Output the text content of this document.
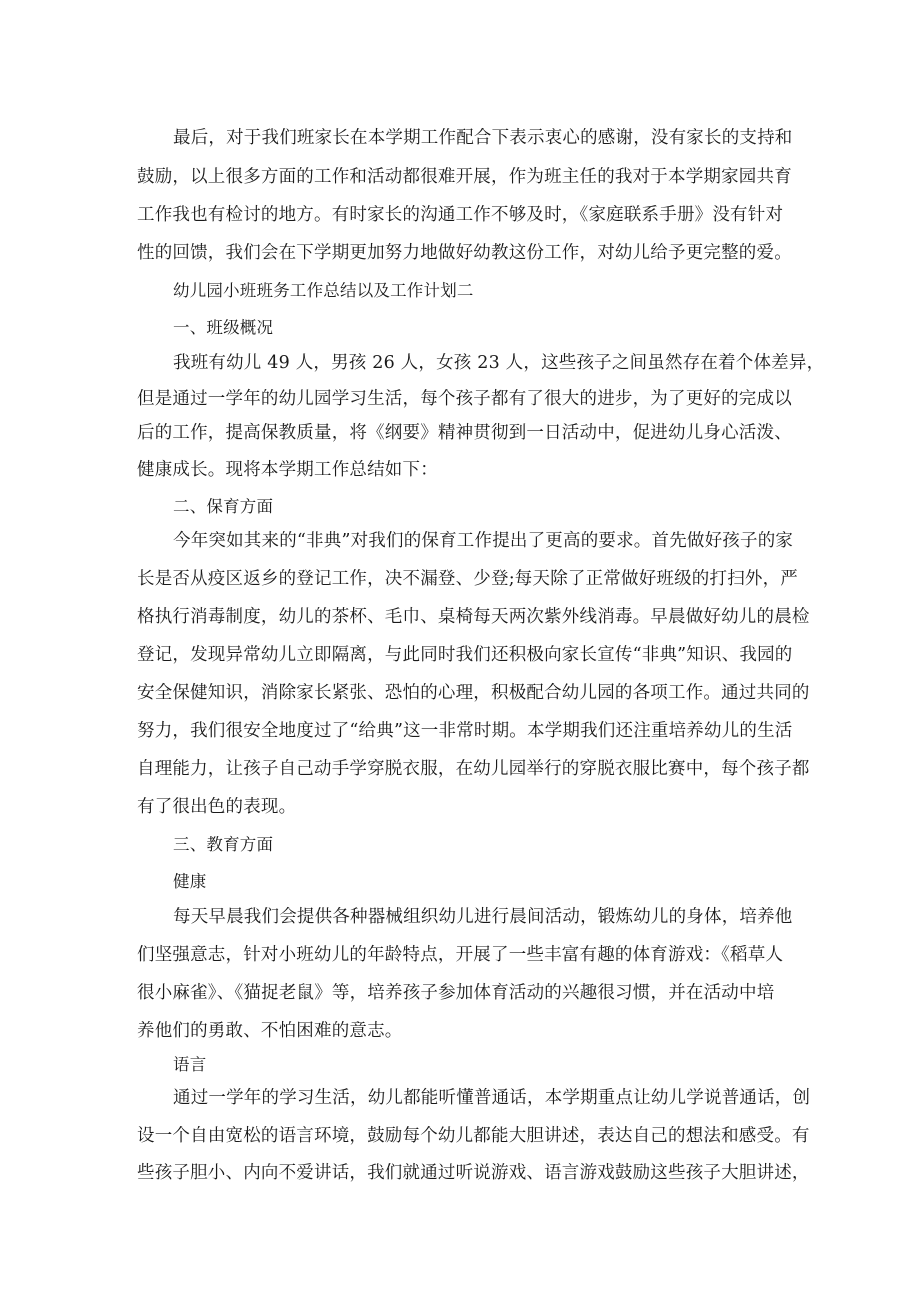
最后，对于我们班家长在本学期工作配合下表示衷心的感谢，没有家长的支持和
鼓励，以上很多方面的工作和活动都很难开展，作为班主任的我对于本学期家园共育
工作我也有检讨的地方。有时家长的沟通工作不够及时，《家庭联系手册》没有针对
性的回馈，我们会在下学期更加努力地做好幼教这份工作，对幼儿给予更完整的爱。
幼儿园小班班务工作总结以及工作计划二
一、班级概况
我班有幼儿 49 人，男孩 26 人，女孩 23 人，这些孩子之间虽然存在着个体差异，
但是通过一学年的幼儿园学习生活，每个孩子都有了很大的进步，为了更好的完成以
后的工作，提高保教质量，将《纲要》精神贯彻到一日活动中，促进幼儿身心活泼、
健康成长。现将本学期工作总结如下：
二、保育方面
今年突如其来的“非典”对我们的保育工作提出了更高的要求。首先做好孩子的家
长是否从疫区返乡的登记工作，决不漏登、少登;每天除了正常做好班级的打扫外，严
格执行消毒制度，幼儿的茶杯、毛巾、桌椅每天两次紫外线消毒。早晨做好幼儿的晨检
登记，发现异常幼儿立即隔离，与此同时我们还积极向家长宣传“非典”知识、我园的
安全保健知识，消除家长紧张、恐怕的心理，积极配合幼儿园的各项工作。通过共同的
努力，我们很安全地度过了“给典”这一非常时期。本学期我们还注重培养幼儿的生活
自理能力，让孩子自己动手学穿脱衣服，在幼儿园举行的穿脱衣服比赛中，每个孩子都
有了很出色的表现。
三、教育方面
健康
每天早晨我们会提供各种器械组织幼儿进行晨间活动，锻炼幼儿的身体，培养他
们坚强意志，针对小班幼儿的年龄特点，开展了一些丰富有趣的体育游戏：《稻草人
很小麻雀》、《猫捉老鼠》等，培养孩子参加体育活动的兴趣很习惯，并在活动中培
养他们的勇敢、不怕困难的意志。
语言
通过一学年的学习生活，幼儿都能听懂普通话，本学期重点让幼儿学说普通话，创
设一个自由宽松的语言环境，鼓励每个幼儿都能大胆讲述，表达自己的想法和感受。有
些孩子胆小、内向不爱讲话，我们就通过听说游戏、语言游戏鼓励这些孩子大胆讲述，
